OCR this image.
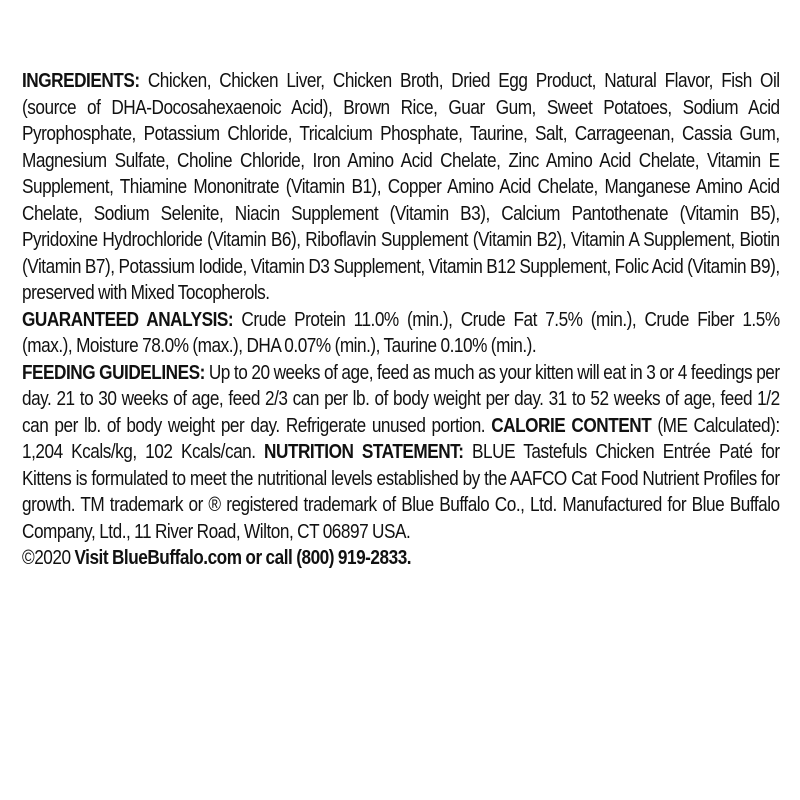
INGREDIENTS: Chicken, Chicken Liver, Chicken Broth, Dried Egg Product, Natural Flavor, Fish Oil (source of DHA-Docosahexaenoic Acid), Brown Rice, Guar Gum, Sweet Potatoes, Sodium Acid Pyrophosphate, Potassium Chloride, Tricalcium Phosphate, Taurine, Salt, Carrageenan, Cassia Gum, Magnesium Sulfate, Choline Chloride, Iron Amino Acid Chelate, Zinc Amino Acid Chelate, Vitamin E Supplement, Thiamine Mononitrate (Vitamin B1), Copper Amino Acid Chelate, Manganese Amino Acid Chelate, Sodium Selenite, Niacin Supplement (Vitamin B3), Calcium Pantothenate (Vitamin B5), Pyridoxine Hydrochloride (Vitamin B6), Riboflavin Supplement (Vitamin B2), Vitamin A Supplement, Biotin (Vitamin B7), Potassium Iodide, Vitamin D3 Supplement, Vitamin B12 Supplement, Folic Acid (Vitamin B9), preserved with Mixed Tocopherols.

GUARANTEED ANALYSIS: Crude Protein 11.0% (min.), Crude Fat 7.5% (min.), Crude Fiber 1.5% (max.), Moisture 78.0% (max.), DHA 0.07% (min.), Taurine 0.10% (min.).

FEEDING GUIDELINES: Up to 20 weeks of age, feed as much as your kitten will eat in 3 or 4 feedings per day. 21 to 30 weeks of age, feed 2/3 can per lb. of body weight per day. 31 to 52 weeks of age, feed 1/2 can per lb. of body weight per day. Refrigerate unused portion. CALORIE CONTENT (ME Calculated): 1,204 Kcals/kg, 102 Kcals/can. NUTRITION STATEMENT: BLUE Tastefuls Chicken Entrée Paté for Kittens is formulated to meet the nutritional levels established by the AAFCO Cat Food Nutrient Profiles for growth. TM trademark or ® registered trademark of Blue Buffalo Co., Ltd. Manufactured for Blue Buffalo Company, Ltd., 11 River Road, Wilton, CT 06897 USA.

©2020 Visit BlueBuffalo.com or call (800) 919-2833.
